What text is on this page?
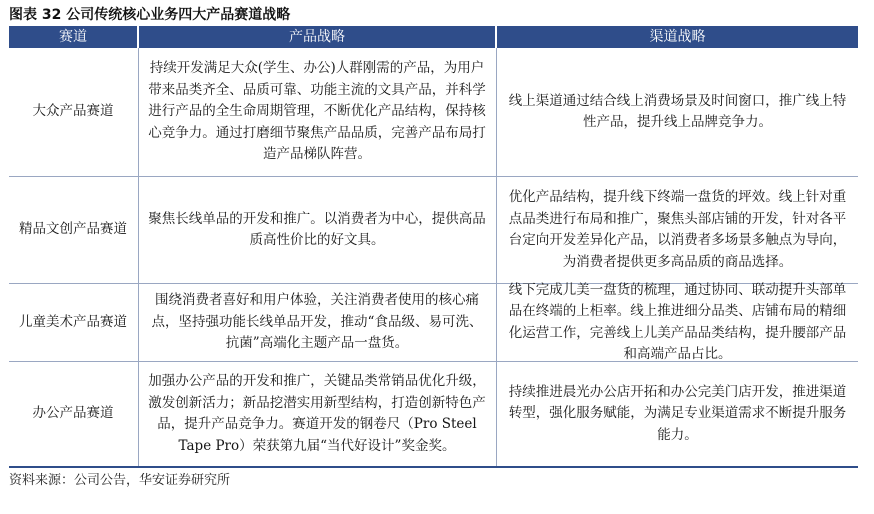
图表 32 公司传统核心业务四大产品赛道战略
赛道	产品战略	渠道战略
大众产品赛道
持续开发满足大众(学生、办公)人群刚需的产品，为用户带来品类齐全、品质可靠、功能主流的文具产品，并科学进行产品的全生命周期管理，不断优化产品结构，保持核心竞争力。通过打磨细节聚焦产品品质，完善产品布局打造产品梯队阵营。
线上渠道通过结合线上消费场景及时间窗口，推广线上特性产品，提升线上品牌竞争力。
精品文创产品赛道
聚焦长线单品的开发和推广。以消费者为中心，提供高品质高性价比的好文具。
优化产品结构，提升线下终端一盘货的坪效。线上针对重点品类进行布局和推广，聚焦头部店铺的开发，针对各平台定向开发差异化产品，以消费者多场景多触点为导向，为消费者提供更多高品质的商品选择。
儿童美术产品赛道
围绕消费者喜好和用户体验，关注消费者使用的核心痛点，坚持强功能长线单品开发，推动“食品级、易可洗、抗菌”高端化主题产品一盘货。
线下完成儿美一盘货的梳理，通过协同、联动提升头部单品在终端的上柜率。线上推进细分品类、店铺布局的精细化运营工作，完善线上儿美产品品类结构，提升腰部产品和高端产品占比。
办公产品赛道
加强办公产品的开发和推广，关键品类常销品优化升级，激发创新活力；新品挖潜实用新型结构，打造创新特色产品，提升产品竞争力。赛道开发的钢卷尺（Pro Steel Tape Pro）荣获第九届“当代好设计”奖金奖。
持续推进晨光办公店开拓和办公完美门店开发，推进渠道转型，强化服务赋能，为满足专业渠道需求不断提升服务能力。
资料来源：公司公告，华安证券研究所
